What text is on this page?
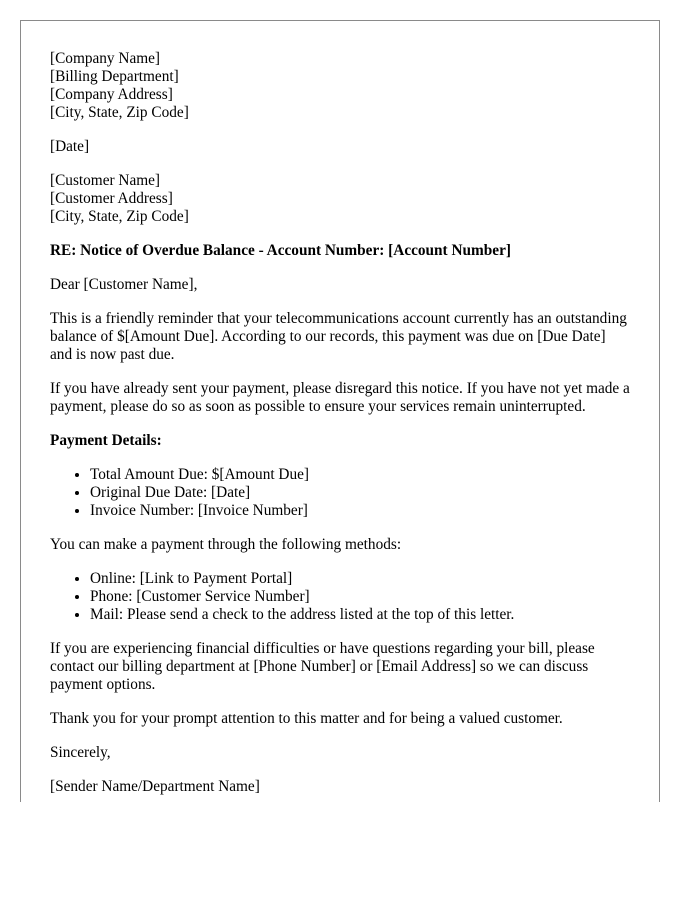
[Company Name]
[Billing Department]
[Company Address]
[City, State, Zip Code]
[Date]
[Customer Name]
[Customer Address]
[City, State, Zip Code]
RE: Notice of Overdue Balance - Account Number: [Account Number]

Dear [Customer Name],

This is a friendly reminder that your telecommunications account currently has an outstanding balance of $[Amount Due]. According to our records, this payment was due on [Due Date] and is now past due.

If you have already sent your payment, please disregard this notice. If you have not yet made a payment, please do so as soon as possible to ensure your services remain uninterrupted.

Payment Details:
• Total Amount Due: $[Amount Due]
• Original Due Date: [Date]
• Invoice Number: [Invoice Number]

You can make a payment through the following methods:

• Online: [Link to Payment Portal]
• Phone: [Customer Service Number]
• Mail: Please send a check to the address listed at the top of this letter.

If you are experiencing financial difficulties or have questions regarding your bill, please contact our billing department at [Phone Number] or [Email Address] so we can discuss payment options.

Thank you for your prompt attention to this matter and for being a valued customer.

Sincerely,

[Sender Name/Department Name]
